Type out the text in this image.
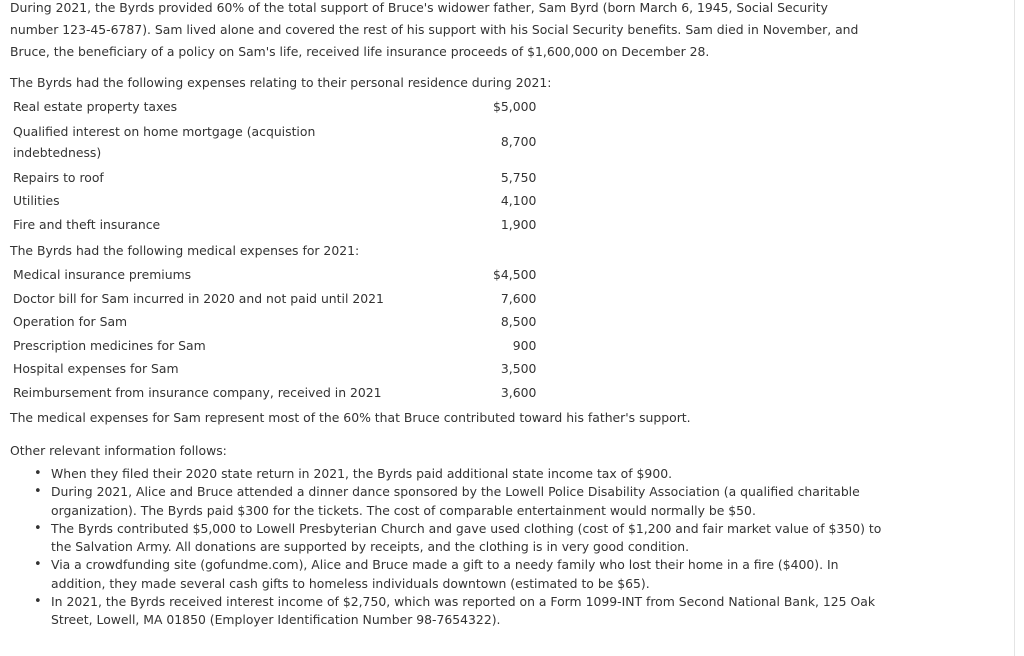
During 2021, the Byrds provided 60% of the total support of Bruce's widower father, Sam Byrd (born March 6, 1945, Social Security number 123-45-6787). Sam lived alone and covered the rest of his support with his Social Security benefits. Sam died in November, and Bruce, the beneficiary of a policy on Sam's life, received life insurance proceeds of $1,600,000 on December 28.

The Byrds had the following expenses relating to their personal residence during 2021:

Real estate property taxes		$5,000
Qualified interest on home mortgage (acquistion indebtedness)		8,700
Repairs to roof		5,750
Utilities		4,100
Fire and theft insurance		1,900

The Byrds had the following medical expenses for 2021:

Medical insurance premiums		$4,500
Doctor bill for Sam incurred in 2020 and not paid until 2021		7,600
Operation for Sam		8,500
Prescription medicines for Sam		900
Hospital expenses for Sam		3,500
Reimbursement from insurance company, received in 2021		3,600

The medical expenses for Sam represent most of the 60% that Bruce contributed toward his father's support.

Other relevant information follows:

• When they filed their 2020 state return in 2021, the Byrds paid additional state income tax of $900.
• During 2021, Alice and Bruce attended a dinner dance sponsored by the Lowell Police Disability Association (a qualified charitable organization). The Byrds paid $300 for the tickets. The cost of comparable entertainment would normally be $50.
• The Byrds contributed $5,000 to Lowell Presbyterian Church and gave used clothing (cost of $1,200 and fair market value of $350) to the Salvation Army. All donations are supported by receipts, and the clothing is in very good condition.
• Via a crowdfunding site (gofundme.com), Alice and Bruce made a gift to a needy family who lost their home in a fire ($400). In addition, they made several cash gifts to homeless individuals downtown (estimated to be $65).
• In 2021, the Byrds received interest income of $2,750, which was reported on a Form 1099-INT from Second National Bank, 125 Oak Street, Lowell, MA 01850 (Employer Identification Number 98-7654322).
